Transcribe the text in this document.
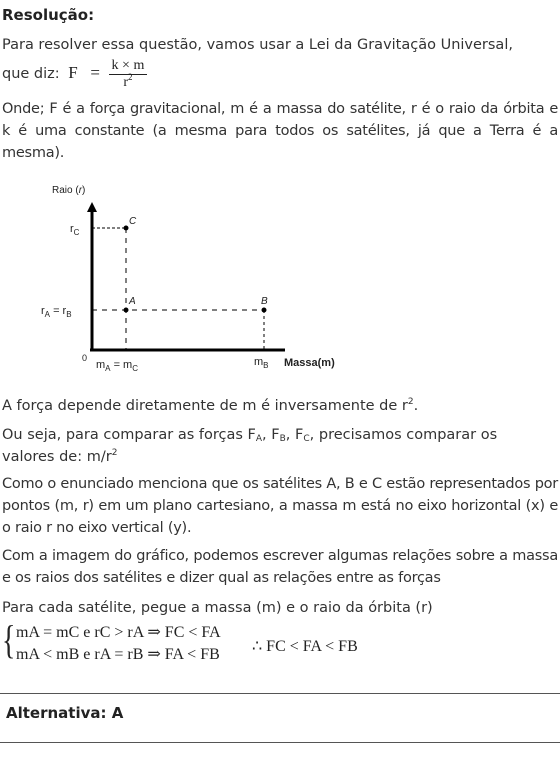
Resolução:
Para resolver essa questão, vamos usar a Lei da Gravitação Universal,
que diz: $F = \frac{k \times m}{r^2}$
Onde; F é a força gravitacional, m é a massa do satélite, r é o raio da órbita e k é uma constante (a mesma para todos os satélites, já que a Terra é a mesma).
Raio (r)
C
A	B
$r_C$
$r_A = r_B$
0
$m_A = m_C$
$m_B$ Massa(m)
A força depende diretamente de m é inversamente de $r^2$.
Ou seja, para comparar as forças $F_A$, $F_B$, $F_C$, precisamos comparar os
valores de: $m/r^2$
Como o enunciado menciona que os satélites A, B e C estão representados por pontos (m, r) em um plano cartesiano, a massa m está no eixo horizontal (x) e o raio r no eixo vertical (y).
Com a imagem do gráfico, podemos escrever algumas relações sobre a massa e os raios dos satélites e dizer qual as relações entre as forças
Para cada satélite, pegue a massa (m) e o raio da órbita (r)
{ mA = mC e rC > rA ⇒ FC < FA
mA < mB e rA = rB ⇒ FA < FB ∴ FC < FA < FB
Alternativa: A
